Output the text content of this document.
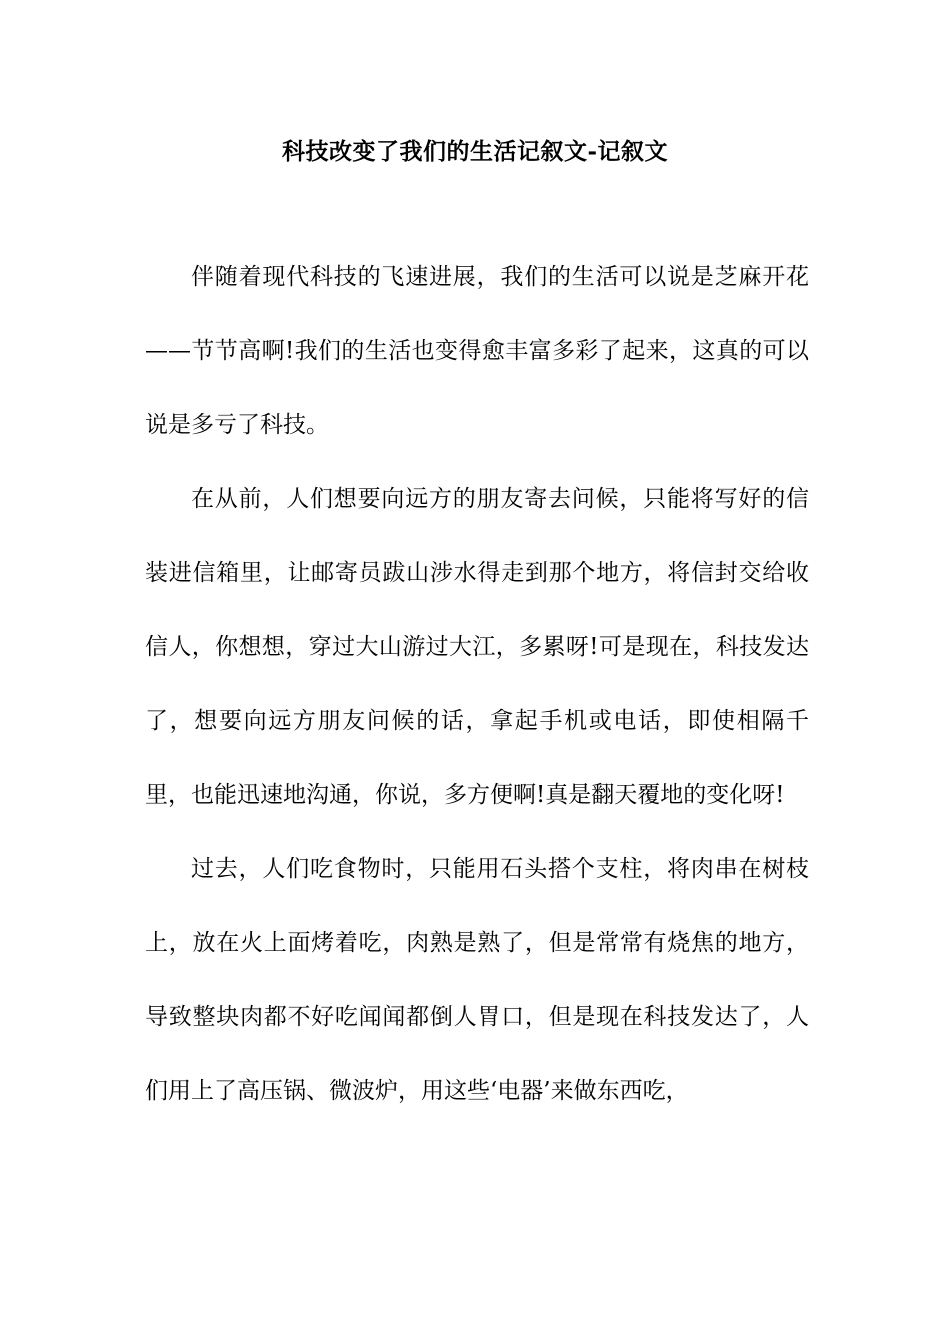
科技改变了我们的生活记叙文-记叙文

伴随着现代科技的飞速进展，我们的生活可以说是芝麻开花——节节高啊!我们的生活也变得愈丰富多彩了起来，这真的可以说是多亏了科技。

在从前，人们想要向远方的朋友寄去问候，只能将写好的信装进信箱里，让邮寄员跋山涉水得走到那个地方，将信封交给收信人，你想想，穿过大山游过大江，多累呀!可是现在，科技发达了，想要向远方朋友问候的话，拿起手机或电话，即使相隔千里，也能迅速地沟通，你说，多方便啊!真是翻天覆地的变化呀!

过去，人们吃食物时，只能用石头搭个支柱，将肉串在树枝上，放在火上面烤着吃，肉熟是熟了，但是常常有烧焦的地方，导致整块肉都不好吃闻闻都倒人胃口，但是现在科技发达了，人们用上了高压锅、微波炉，用这些‘电器’来做东西吃，
